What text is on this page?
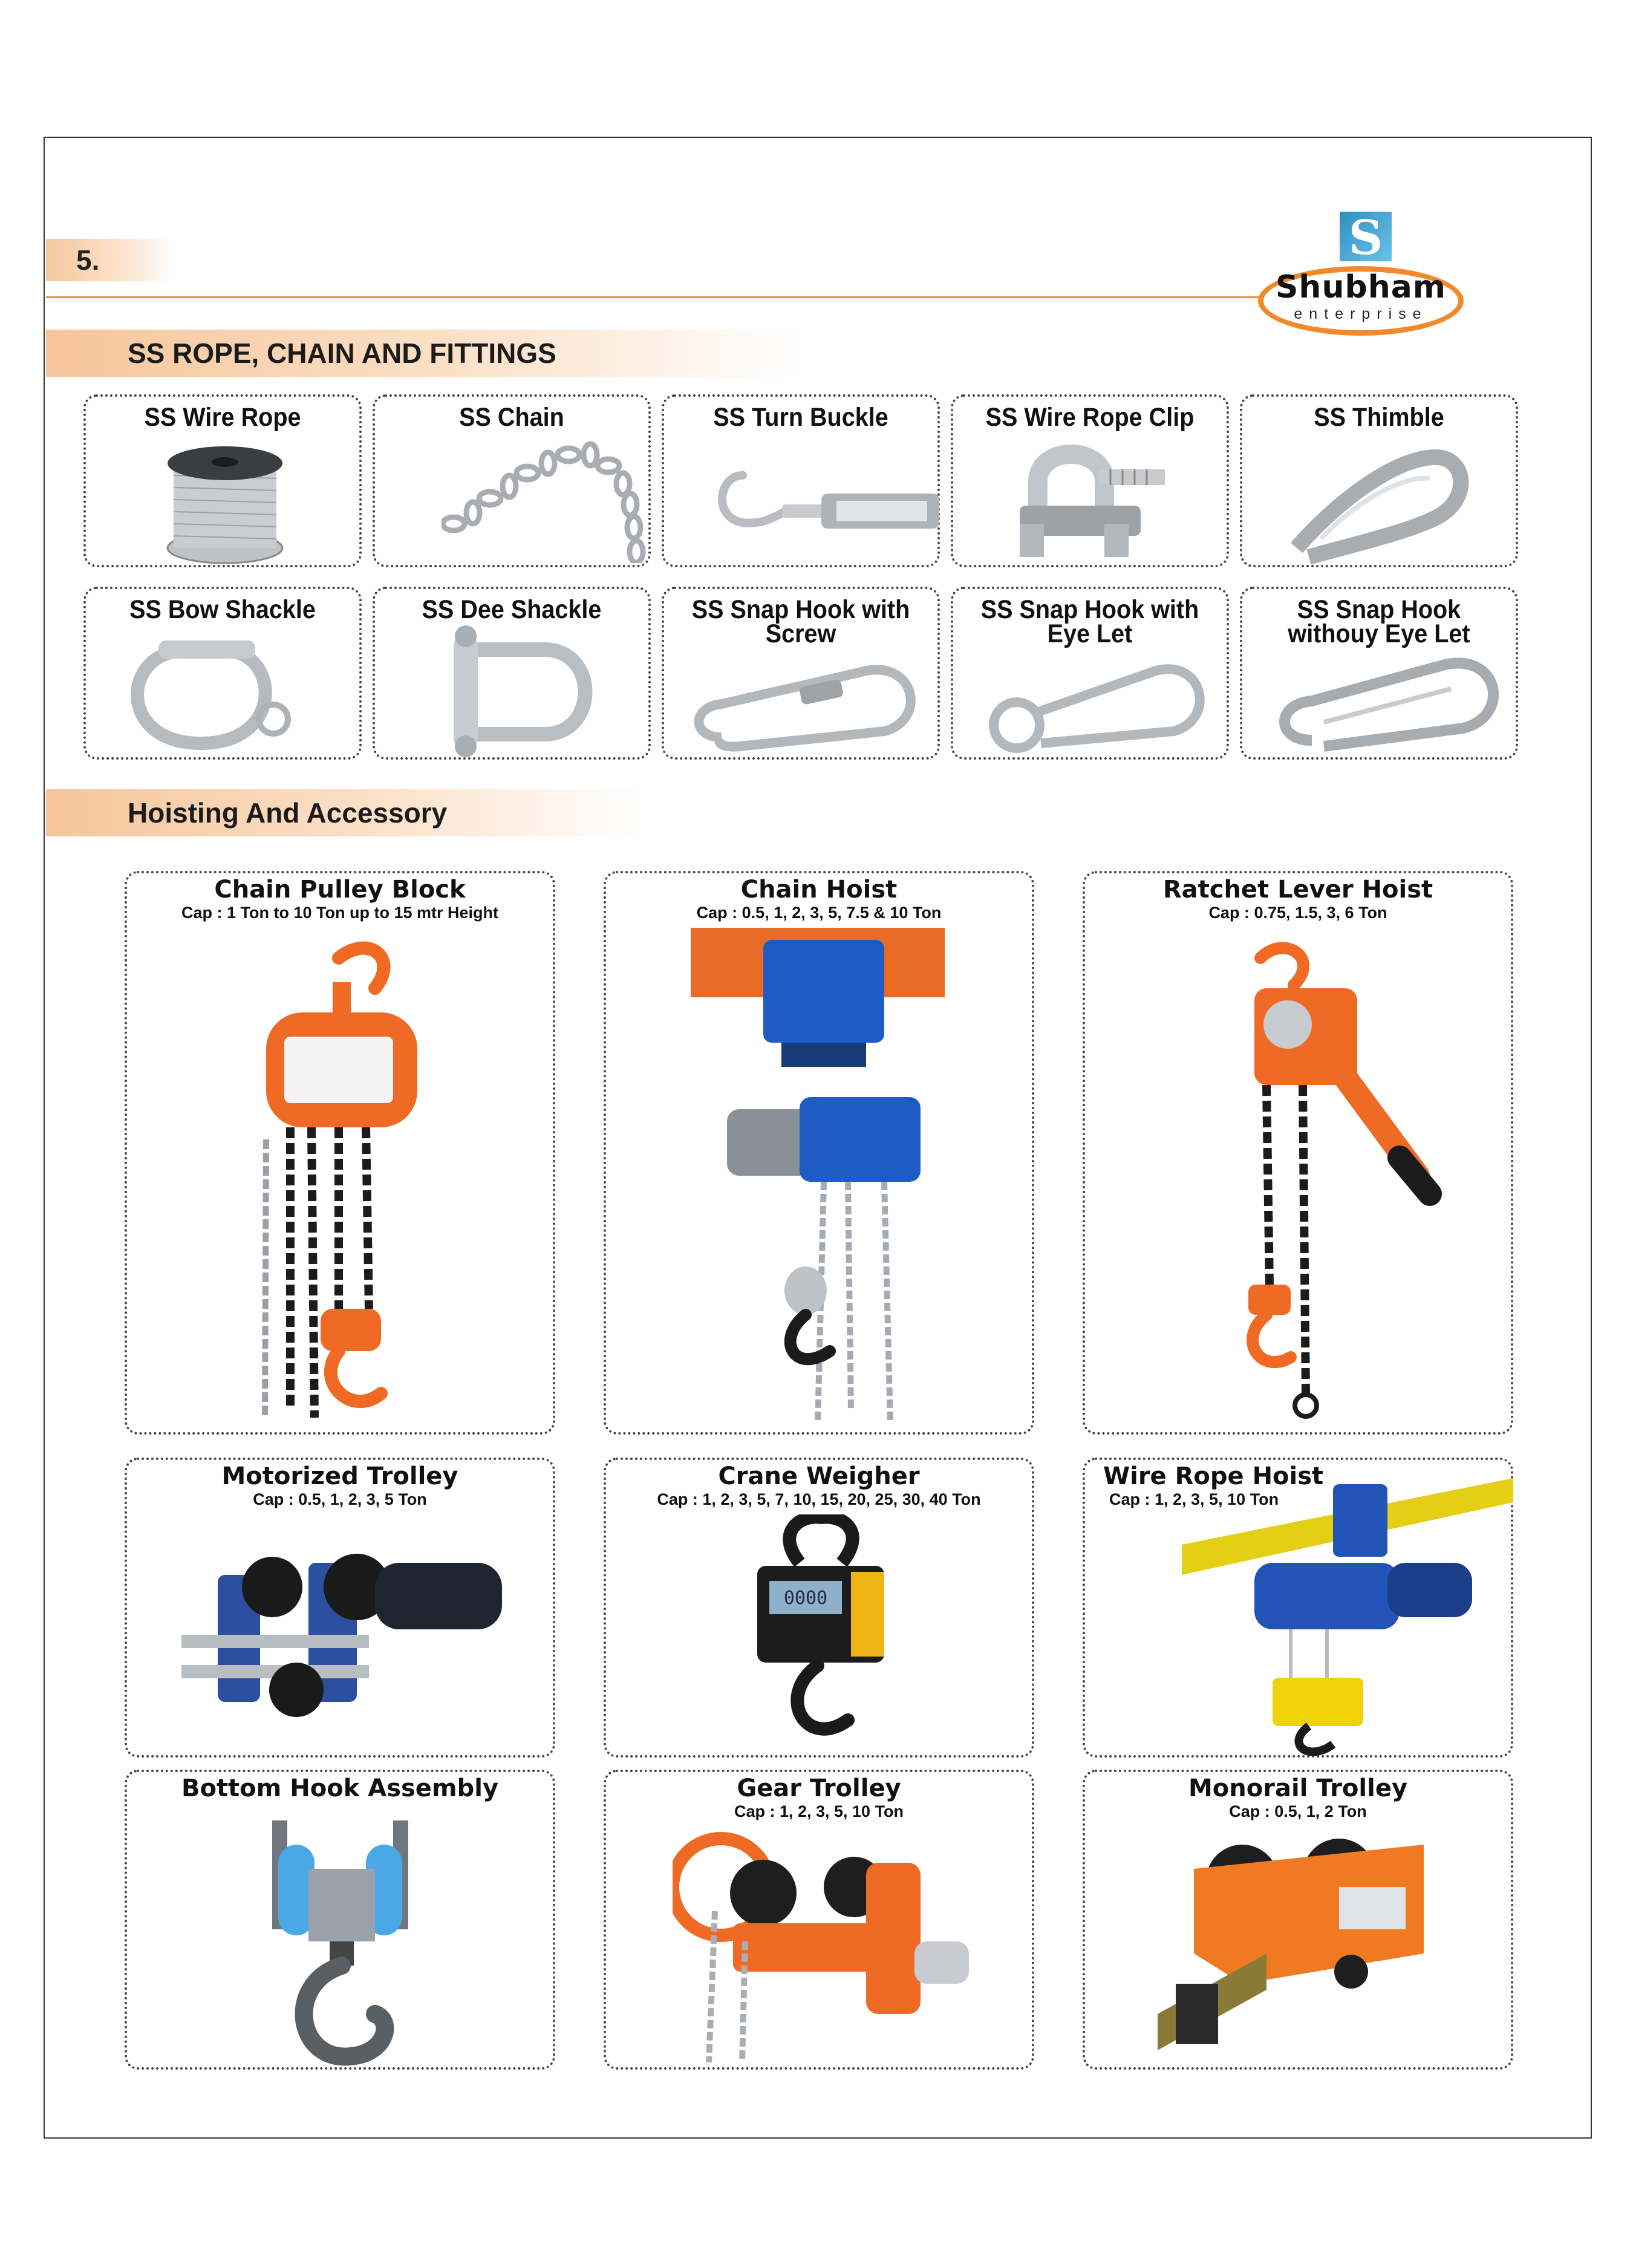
5.	S
Shubham
enterprise
SS ROPE, CHAIN AND FITTINGS
SS Wire Rope	SS Chain	SS Turn Buckle	SS Wire Rope Clip	SS Thimble
SS Bow Shackle	SS Dee Shackle	SS Snap Hook with
Screw
SS Snap Hook with
Eye Let
SS Snap Hook
withouy Eye Let
Hoisting And Accessory
Chain Pulley Block
Cap : 1 Ton to 10 Ton up to 15 mtr Height
Chain Hoist
Cap : 0.5, 1, 2, 3, 5, 7.5 & 10 Ton
Ratchet Lever Hoist
Cap : 0.75, 1.5, 3, 6 Ton
Motorized Trolley
Cap : 0.5, 1, 2, 3, 5 Ton
Crane Weigher
Cap : 1, 2, 3, 5, 7, 10, 15, 20, 25, 30, 40 Ton
0000
Wire Rope Hoist
Cap : 1, 2, 3, 5, 10 Ton
Bottom Hook Assembly	Gear Trolley
Cap : 1, 2, 3, 5, 10 Ton
Monorail Trolley
Cap : 0.5, 1, 2 Ton
